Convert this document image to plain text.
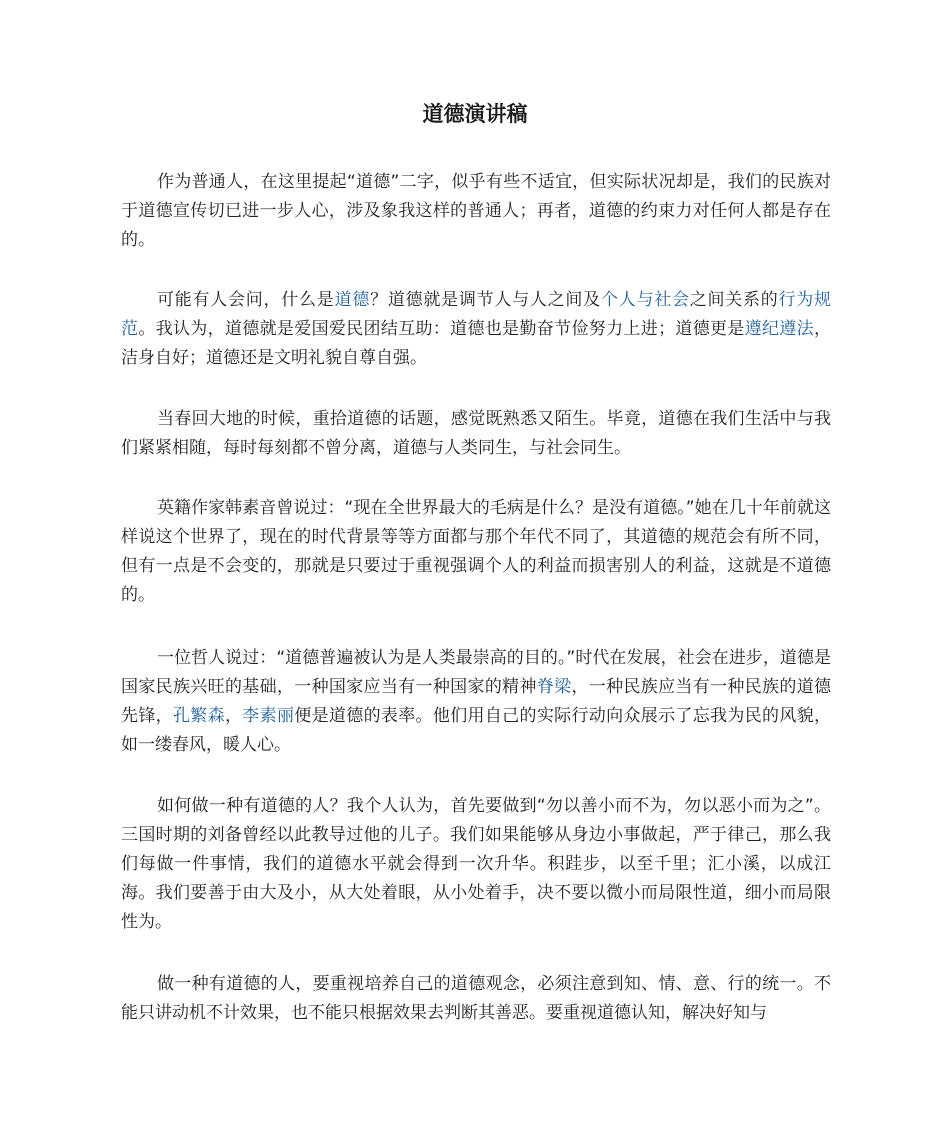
道德演讲稿

作为普通人，在这里提起“道德”二字，似乎有些不适宜，但实际状况却是，我们的民族对于道德宣传切已进一步人心，涉及象我这样的普通人；再者，道德的约束力对任何人都是存在的。

可能有人会问，什么是道德？道德就是调节人与人之间及个人与社会之间关系的行为规范。我认为，道德就是爱国爱民团结互助：道德也是勤奋节俭努力上进；道德更是遵纪遵法，洁身自好；道德还是文明礼貌自尊自强。

当春回大地的时候，重拾道德的话题，感觉既熟悉又陌生。毕竟，道德在我们生活中与我们紧紧相随，每时每刻都不曾分离，道德与人类同生，与社会同生。

英籍作家韩素音曾说过：“现在全世界最大的毛病是什么？是没有道德。”她在几十年前就这样说这个世界了，现在的时代背景等等方面都与那个年代不同了，其道德的规范会有所不同，但有一点是不会变的，那就是只要过于重视强调个人的利益而损害别人的利益，这就是不道德的。

一位哲人说过：“道德普遍被认为是人类最崇高的目的。”时代在发展，社会在进步，道德是国家民族兴旺的基础，一种国家应当有一种国家的精神脊梁，一种民族应当有一种民族的道德先锋，孔繁森，李素丽便是道德的表率。他们用自己的实际行动向众展示了忘我为民的风貌，如一缕春风，暖人心。

如何做一种有道德的人？我个人认为，首先要做到“勿以善小而不为，勿以恶小而为之”。三国时期的刘备曾经以此教导过他的儿子。我们如果能够从身边小事做起，严于律己，那么我们每做一件事情，我们的道德水平就会得到一次升华。积跬步，以至千里；汇小溪，以成江海。我们要善于由大及小，从大处着眼，从小处着手，决不要以微小而局限性道，细小而局限性为。

做一种有道德的人，要重视培养自己的道德观念，必须注意到知、情、意、行的统一。不能只讲动机不计效果，也不能只根据效果去判断其善恶。要重视道德认知，解决好知与
